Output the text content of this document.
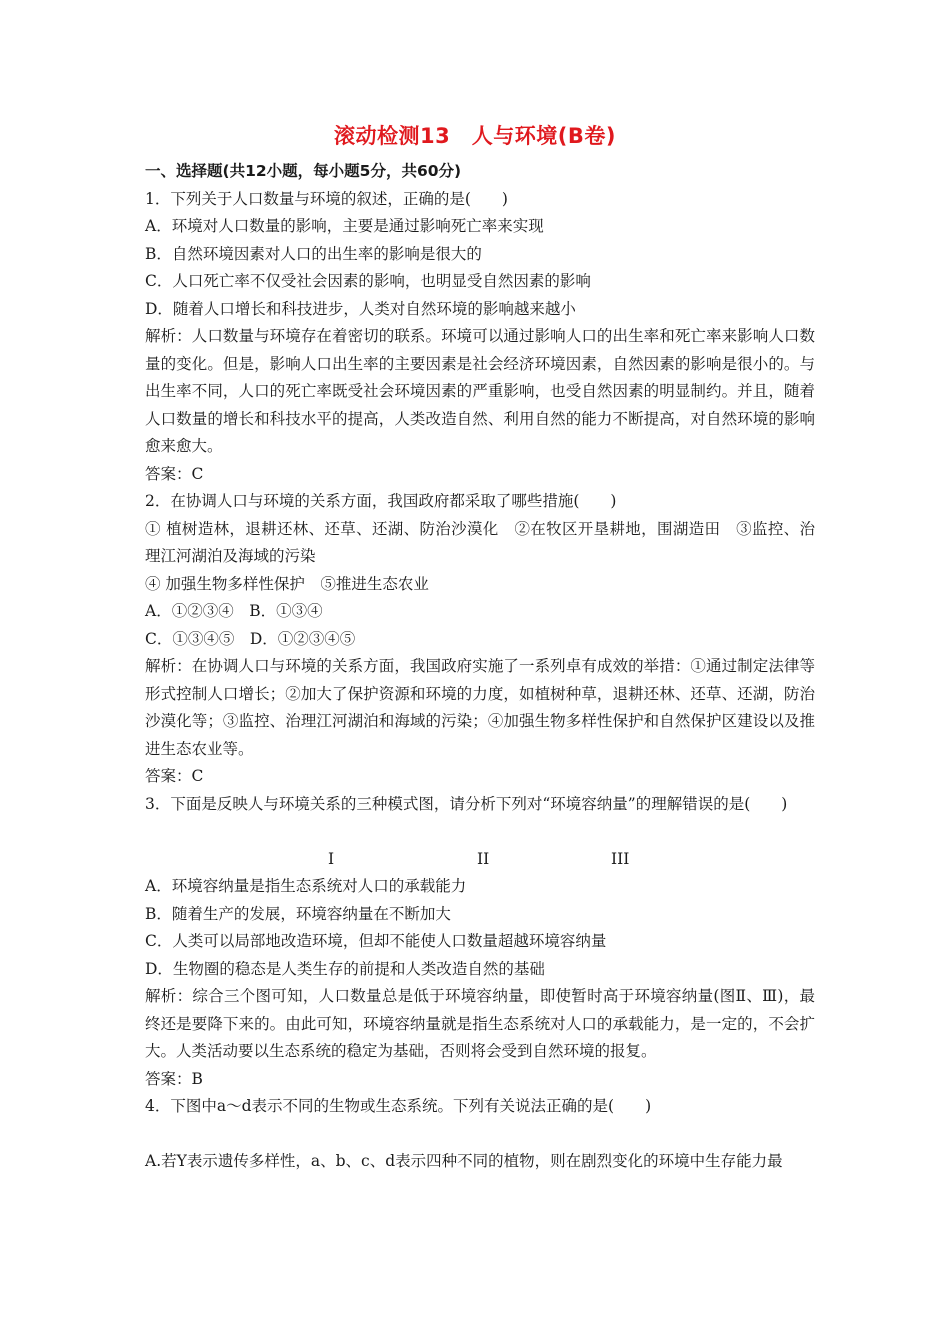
滚动检测13　人与环境(B卷)

一、选择题(共12小题，每小题5分，共60分)

1．下列关于人口数量与环境的叙述，正确的是(　　)

A．环境对人口数量的影响，主要是通过影响死亡率来实现

B．自然环境因素对人口的出生率的影响是很大的

C．人口死亡率不仅受社会因素的影响，也明显受自然因素的影响

D．随着人口增长和科技进步，人类对自然环境的影响越来越小

解析：人口数量与环境存在着密切的联系。环境可以通过影响人口的出生率和死亡率来影响人口数量的变化。但是，影响人口出生率的主要因素是社会经济环境因素，自然因素的影响是很小的。与出生率不同，人口的死亡率既受社会环境因素的严重影响，也受自然因素的明显制约。并且，随着人口数量的增长和科技水平的提高，人类改造自然、利用自然的能力不断提高，对自然环境的影响愈来愈大。

答案：C

2．在协调人口与环境的关系方面，我国政府都采取了哪些措施(　　)

① 植树造林，退耕还林、还草、还湖、防治沙漠化　②在牧区开垦耕地，围湖造田　③监控、治理江河湖泊及海域的污染

④ 加强生物多样性保护　⑤推进生态农业

A．①②③④　B．①③④

C．①③④⑤　D．①②③④⑤

解析：在协调人口与环境的关系方面，我国政府实施了一系列卓有成效的举措：①通过制定法律等形式控制人口增长；②加大了保护资源和环境的力度，如植树种草，退耕还林、还草、还湖，防治沙漠化等；③监控、治理江河湖泊和海域的污染；④加强生物多样性保护和自然保护区建设以及推进生态农业等。

答案：C

3．下面是反映人与环境关系的三种模式图，请分析下列对“环境容纳量”的理解错误的是(　　)

I	II	III

A．环境容纳量是指生态系统对人口的承载能力

B．随着生产的发展，环境容纳量在不断加大

C．人类可以局部地改造环境，但却不能使人口数量超越环境容纳量

D．生物圈的稳态是人类生存的前提和人类改造自然的基础

解析：综合三个图可知，人口数量总是低于环境容纳量，即使暂时高于环境容纳量(图Ⅱ、Ⅲ)，最终还是要降下来的。由此可知，环境容纳量就是指生态系统对人口的承载能力，是一定的，不会扩大。人类活动要以生态系统的稳定为基础，否则将会受到自然环境的报复。

答案：B

4．下图中a～d表示不同的生物或生态系统。下列有关说法正确的是(　　)

A.若Y表示遗传多样性，a、b、c、d表示四种不同的植物，则在剧烈变化的环境中生存能力最
